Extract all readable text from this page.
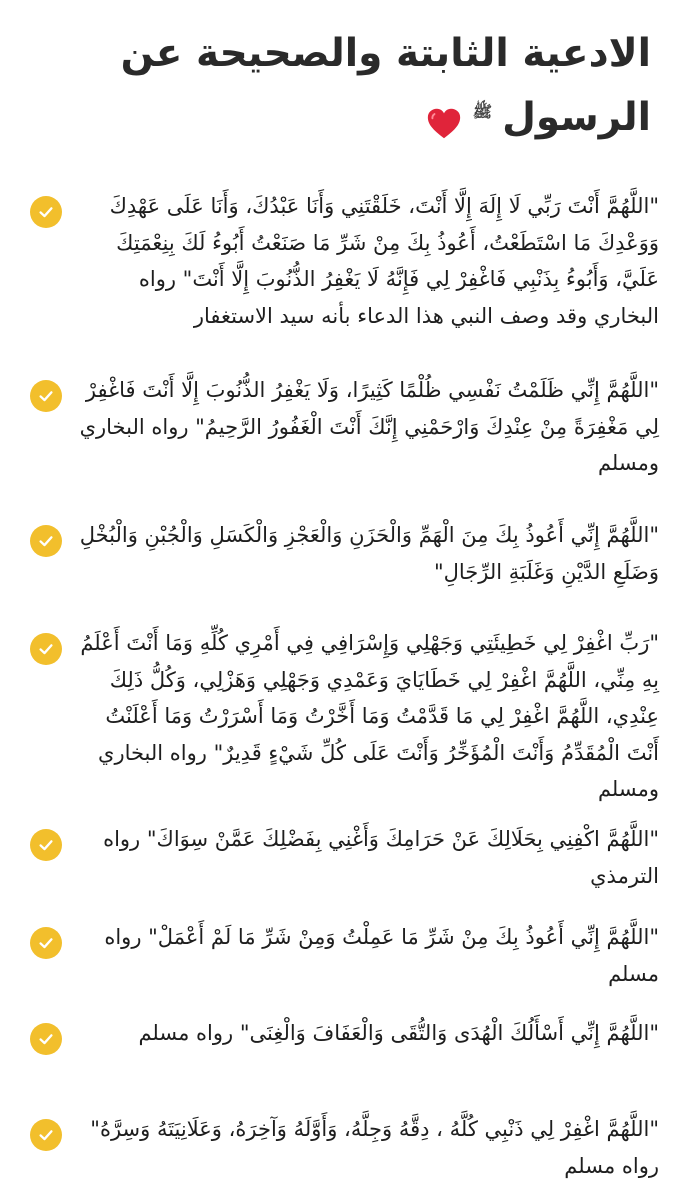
الادعية الثابتة والصحيحة عن
الرسول
ﷺ

"اللَّهُمَّ أَنْتَ رَبِّي لَا إِلَهَ إِلَّا أَنْتَ، خَلَقْتَنِي وَأَنَا عَبْدُكَ، وَأَنَا عَلَى عَهْدِكَ وَوَعْدِكَ مَا اسْتَطَعْتُ، أَعُوذُ بِكَ مِنْ شَرِّ مَا صَنَعْتُ أَبُوءُ لَكَ بِنِعْمَتِكَ عَلَيَّ، وَأَبُوءُ بِذَنْبِي فَاغْفِرْ لِي فَإِنَّهُ لَا يَغْفِرُ الذُّنُوبَ إِلَّا أَنْتَ" رواه البخاري وقد وصف النبي هذا الدعاء بأنه سيد الاستغفار

"اللَّهُمَّ إِنِّي ظَلَمْتُ نَفْسِي ظُلْمًا كَثِيرًا، وَلَا يَغْفِرُ الذُّنُوبَ إِلَّا أَنْتَ فَاغْفِرْ لِي مَغْفِرَةً مِنْ عِنْدِكَ وَارْحَمْنِي إِنَّكَ أَنْتَ الْغَفُورُ الرَّحِيمُ" رواه البخاري ومسلم

"اللَّهُمَّ إِنِّي أَعُوذُ بِكَ مِنَ الْهَمِّ وَالْحَزَنِ وَالْعَجْزِ وَالْكَسَلِ وَالْجُبْنِ وَالْبُخْلِ وَضَلَعِ الدَّيْنِ وَغَلَبَةِ الرِّجَالِ"

"رَبِّ اغْفِرْ لِي خَطِيئَتِي وَجَهْلِي وَإِسْرَافِي فِي أَمْرِي كُلِّهِ وَمَا أَنْتَ أَعْلَمُ بِهِ مِنِّي، اللَّهُمَّ اغْفِرْ لِي خَطَايَايَ وَعَمْدِي وَجَهْلِي وَهَزْلِي، وَكُلُّ ذَلِكَ عِنْدِي، اللَّهُمَّ اغْفِرْ لِي مَا قَدَّمْتُ وَمَا أَخَّرْتُ وَمَا أَسْرَرْتُ وَمَا أَعْلَنْتُ أَنْتَ الْمُقَدِّمُ وَأَنْتَ الْمُؤَخِّرُ وَأَنْتَ عَلَى كُلِّ شَيْءٍ قَدِيرٌ" رواه البخاري ومسلم

"اللَّهُمَّ اكْفِنِي بِحَلَالِكَ عَنْ حَرَامِكَ وَأَغْنِي بِفَضْلِكَ عَمَّنْ سِوَاكَ" رواه الترمذي

"اللَّهُمَّ إِنِّي أَعُوذُ بِكَ مِنْ شَرِّ مَا عَمِلْتُ وَمِنْ شَرِّ مَا لَمْ أَعْمَلْ" رواه مسلم

"اللَّهُمَّ إِنِّي أَسْأَلُكَ الْهُدَى وَالتُّقَى وَالْعَفَافَ وَالْغِنَى" رواه مسلم

"اللَّهُمَّ اغْفِرْ لِي ذَنْبِي كُلَّهُ ، دِقَّهُ وَجِلَّهُ، وَأَوَّلَهُ وَآخِرَهُ، وَعَلَانِيَتَهُ وَسِرَّهُ" رواه مسلم
